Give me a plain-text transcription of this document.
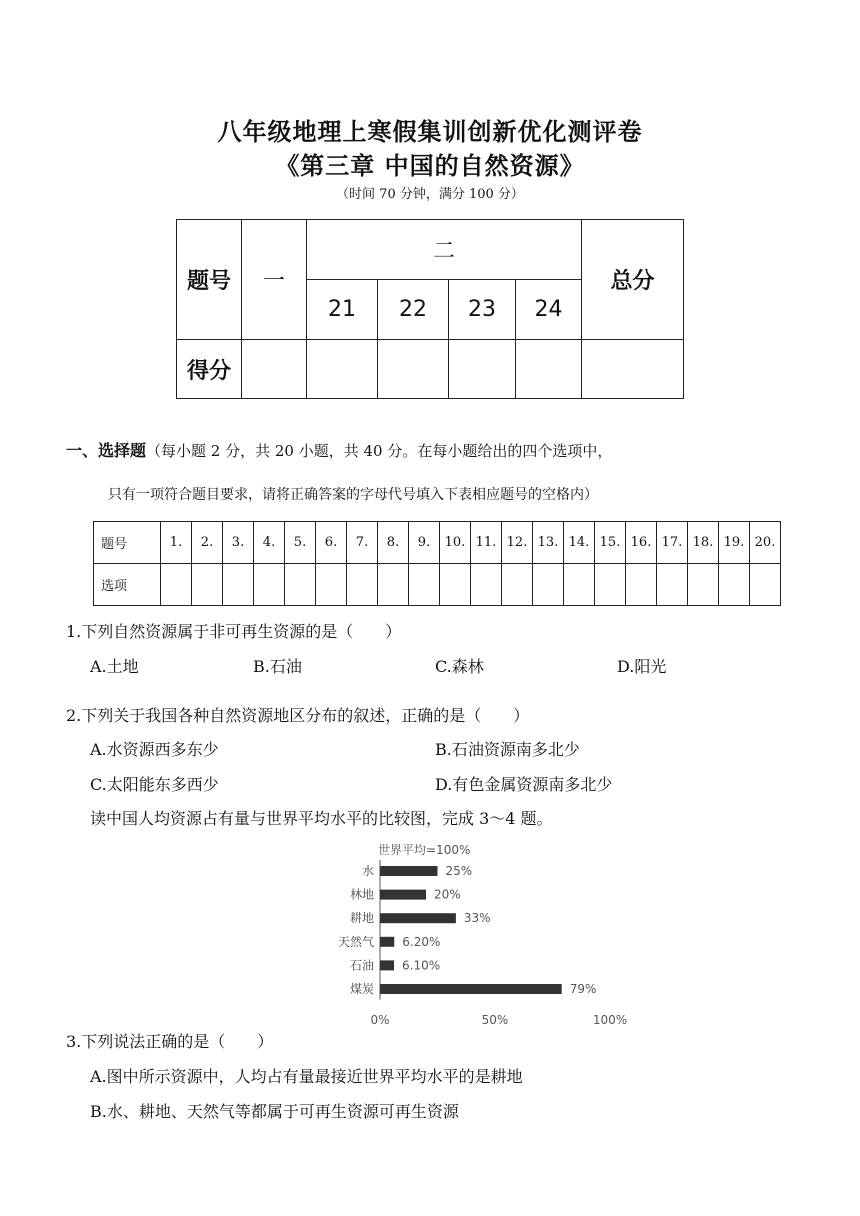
八年级地理上寒假集训创新优化测评卷
《第三章 中国的自然资源》
（时间 70 分钟，满分 100 分）
题号	一	二				总分
		21	22	23	24	
得分						
一、选择题（每小题 2 分，共 20 小题，共 40 分。在每小题给出的四个选项中，
只有一项符合题目要求，请将正确答案的字母代号填入下表相应题号的空格内）
题号	1.	2.	3.	4.	5.	6.	7.	8.	9.	10.	11.	12.	13.	14.	15.	16.	17.	18.	19.	20.
选项																				
1.下列自然资源属于非可再生资源的是（　　）
A.土地	B.石油	C.森林	D.阳光
2.下列关于我国各种自然资源地区分布的叙述，正确的是（　　）
A.水资源西多东少	B.石油资源南多北少
C.太阳能东多西少	D.有色金属资源南多北少
读中国人均资源占有量与世界平均水平的比较图，完成 3～4 题。
世界平均=100%
水	25%
林地	20%
耕地	33%
天然气 6.20%
石油 6.10%
煤炭	79%
0%	50%	100%
3.下列说法正确的是（　　）
A.图中所示资源中，人均占有量最接近世界平均水平的是耕地
B.水、耕地、天然气等都属于可再生资源可再生资源
